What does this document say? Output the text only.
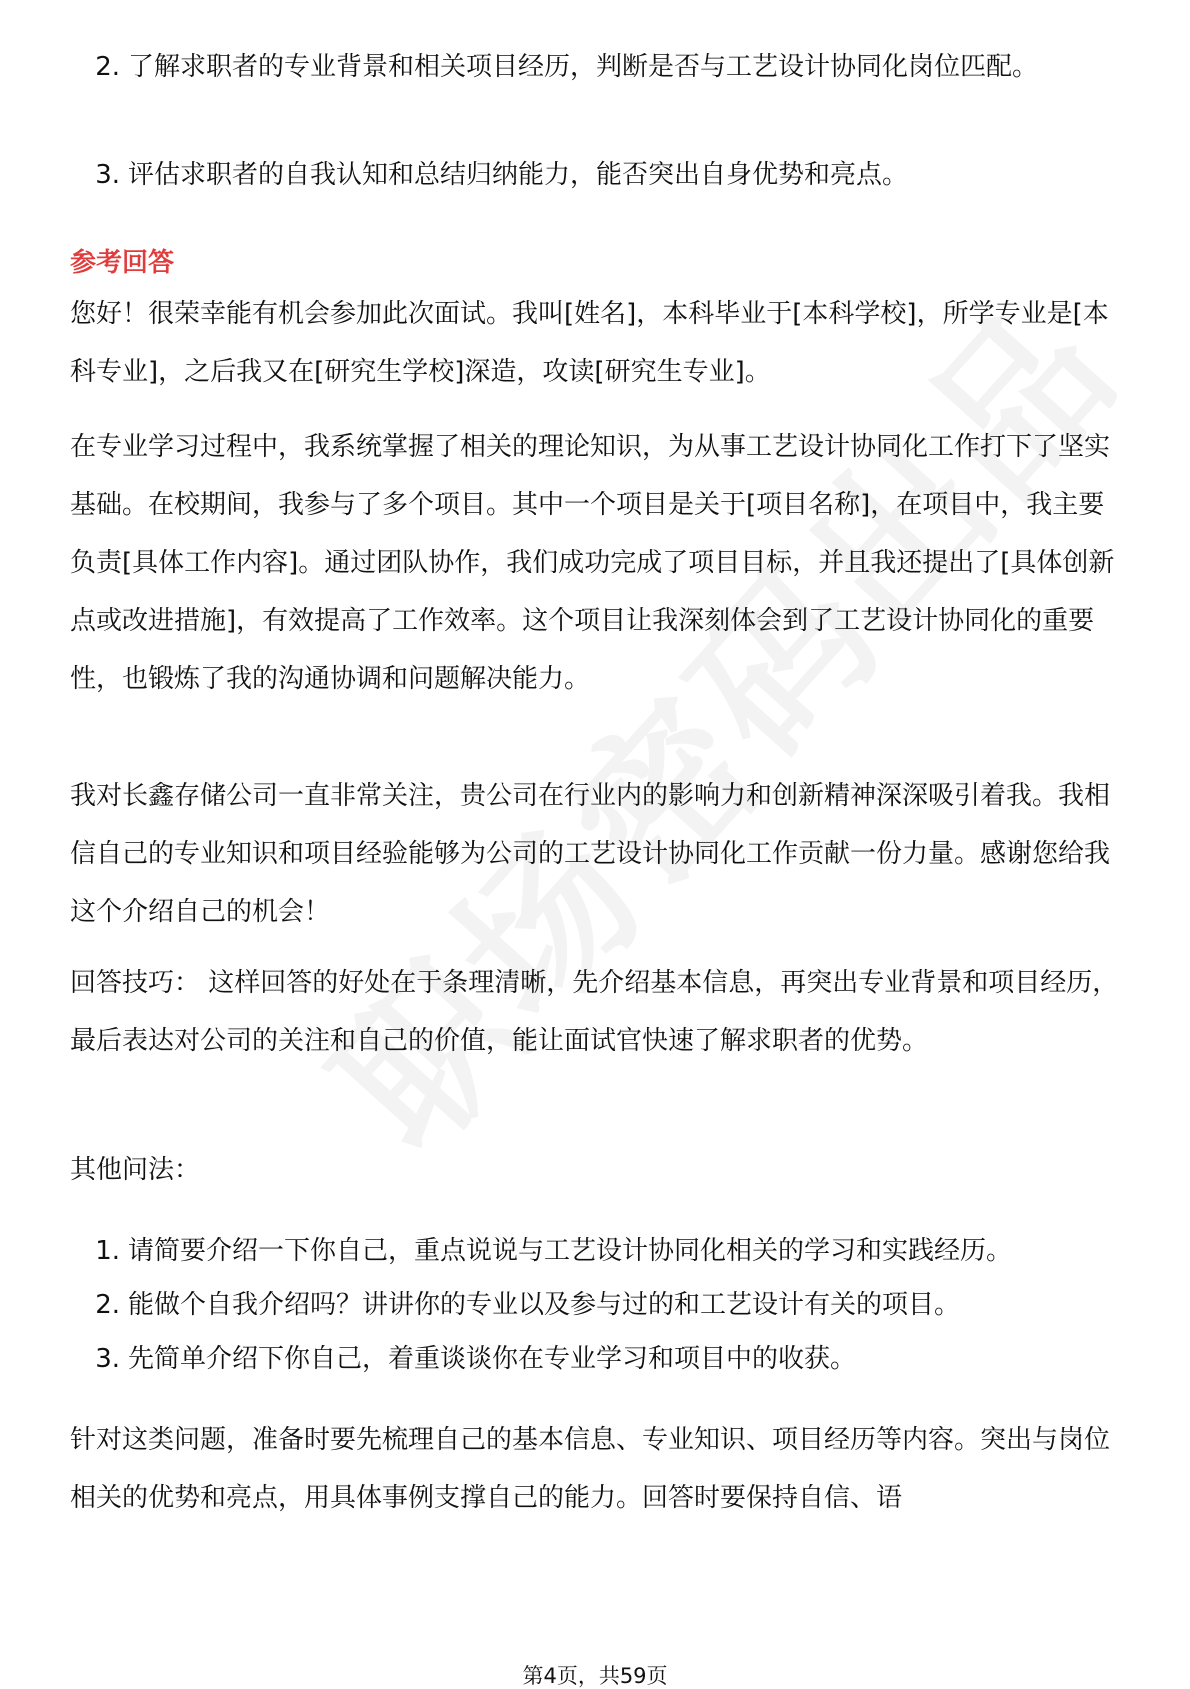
2. 了解求职者的专业背景和相关项目经历，判断是否与工艺设计协同化岗位匹配。
3. 评估求职者的自我认知和总结归纳能力，能否突出自身优势和亮点。
参考回答
您好！很荣幸能有机会参加此次面试。我叫[姓名]，本科毕业于[本科学校]，所学专业是[本科专业]，之后我又在[研究生学校]深造，攻读[研究生专业]。
在专业学习过程中，我系统掌握了相关的理论知识，为从事工艺设计协同化工作打下了坚实基础。在校期间，我参与了多个项目。其中一个项目是关于[项目名称]，在项目中，我主要负责[具体工作内容]。通过团队协作，我们成功完成了项目目标，并且我还提出了[具体创新点或改进措施]，有效提高了工作效率。这个项目让我深刻体会到了工艺设计协同化的重要性，也锻炼了我的沟通协调和问题解决能力。
我对长鑫存储公司一直非常关注，贵公司在行业内的影响力和创新精神深深吸引着我。我相信自己的专业知识和项目经验能够为公司的工艺设计协同化工作贡献一份力量。感谢您给我这个介绍自己的机会！
回答技巧： 这样回答的好处在于条理清晰，先介绍基本信息，再突出专业背景和项目经历，最后表达对公司的关注和自己的价值，能让面试官快速了解求职者的优势。
其他问法：
1. 请简要介绍一下你自己，重点说说与工艺设计协同化相关的学习和实践经历。
2. 能做个自我介绍吗？讲讲你的专业以及参与过的和工艺设计有关的项目。
3. 先简单介绍下你自己，着重谈谈你在专业学习和项目中的收获。
针对这类问题，准备时要先梳理自己的基本信息、专业知识、项目经历等内容。突出与岗位相关的优势和亮点，用具体事例支撑自己的能力。回答时要保持自信、语
第4页，共59页
